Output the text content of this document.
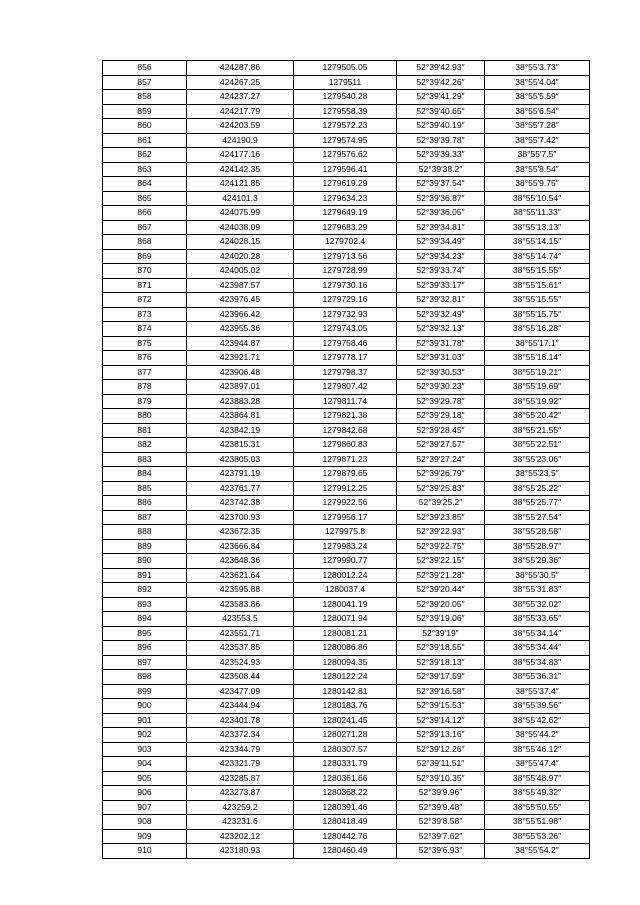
856	424287.86	1279505.05	52°39′42.93″	38°55′3.73″
857	424267.25	1279511	52°39′42.26″	38°55′4.04″
858	424237.27	1279540.28	52°39′41.29″	38°55′5.59″
859	424217.79	1279558.39	52°39′40.65″	38°55′6.54″
860	424203.59	1279572.23	52°39′40.19″	38°55′7.28″
861	424190.9	1279574.95	52°39′39.78″	38°55′7.42″
862	424177.16	1279576.62	52°39′39.33″	38°55′7.5″
863	424142.35	1279596.41	52°39′38.2″	38°55′8.54″
864	424121.85	1279619.29	52°39′37.54″	38°55′9.75″
865	424101.3	1279634.23	52°39′36.87″	38°55′10.54″
866	424075.99	1279649.19	52°39′36.05″	38°55′11.33″
867	424038.09	1279683.29	52°39′34.81″	38°55′13.13″
868	424028.15	1279702.4	52°39′34.49″	38°55′14.15″
869	424020.28	1279713.56	52°39′34.23″	38°55′14.74″
870	424005.02	1279728.99	52°39′33.74″	38°55′15.55″
871	423987.57	1279730.16	52°39′33.17″	38°55′15.61″
872	423976.45	1279729.16	52°39′32.81″	38°55′15.55″
873	423966.42	1279732.93	52°39′32.49″	38°55′15.75″
874	423955.36	1279743.05	52°39′32.13″	38°55′16.28″
875	423944.87	1279758.46	52°39′31.78″	38°55′17.1″
876	423921.71	1279778.17	52°39′31.03″	38°55′18.14″
877	423906.48	1279798.37	52°39′30.53″	38°55′19.21″
878	423897.01	1279807.42	52°39′30.23″	38°55′19.69″
879	423883.28	1279811.74	52°39′29.78″	38°55′19.92″
880	423864.81	1279821.38	52°39′29.18″	38°55′20.42″
881	423842.19	1279842.68	52°39′28.45″	38°55′21.55″
882	423815.31	1279860.83	52°39′27.57″	38°55′22.51″
883	423805.03	1279871.23	52°39′27.24″	38°55′23.06″
884	423791.19	1279879.65	52°39′26.79″	38°55′23.5″
885	423761.77	1279912.25	52°39′25.83″	38°55′25.22″
886	423742.38	1279922.56	52°39′25.2″	38°55′25.77″
887	423700.93	1279956.17	52°39′23.85″	38°55′27.54″
888	423672.35	1279975.8	52°39′22.93″	38°55′28.58″
889	423666.84	1279983.24	52°39′22.75″	38°55′28.97″
890	423648.36	1279990.77	52°39′22.15″	38°55′29.36″
891	423621.64	1280012.24	52°39′21.28″	38°55′30.5″
892	423595.88	1280037.4	52°39′20.44″	38°55′31.83″
893	423583.86	1280041.19	52°39′20.05″	38°55′32.02″
894	423553.5	1280071.94	52°39′19.06″	38°55′33.65″
895	423551.71	1280081.21	52°39′19″	38°55′34.14″
896	423537.85	1280086.86	52°39′18.55″	38°55′34.44″
897	423524.93	1280094.35	52°39′18.13″	38°55′34.83″
898	423508.44	1280122.24	52°39′17.59″	38°55′36.31″
899	423477.09	1280142.81	52°39′16.58″	38°55′37.4″
900	423444.94	1280183.76	52°39′15.53″	38°55′39.56″
901	423401.78	1280241.45	52°39′14.12″	38°55′42.62″
902	423372.34	1280271.28	52°39′13.16″	38°55′44.2″
903	423344.79	1280307.57	52°39′12.26″	38°55′46.12″
904	423321.79	1280331.79	52°39′11.51″	38°55′47.4″
905	423285.87	1280361.66	52°39′10.35″	38°55′48.97″
906	423273.87	1280368.22	52°39′9.96″	38°55′49.32″
907	423259.2	1280391.46	52°39′9.48″	38°55′50.55″
908	423231.6	1280418.49	52°39′8.58″	38°55′51.98″
909	423202.12	1280442.76	52°39′7.62″	38°55′53.26″
910	423180.93	1280460.49	52°39′6.93″	38°55′54.2″
